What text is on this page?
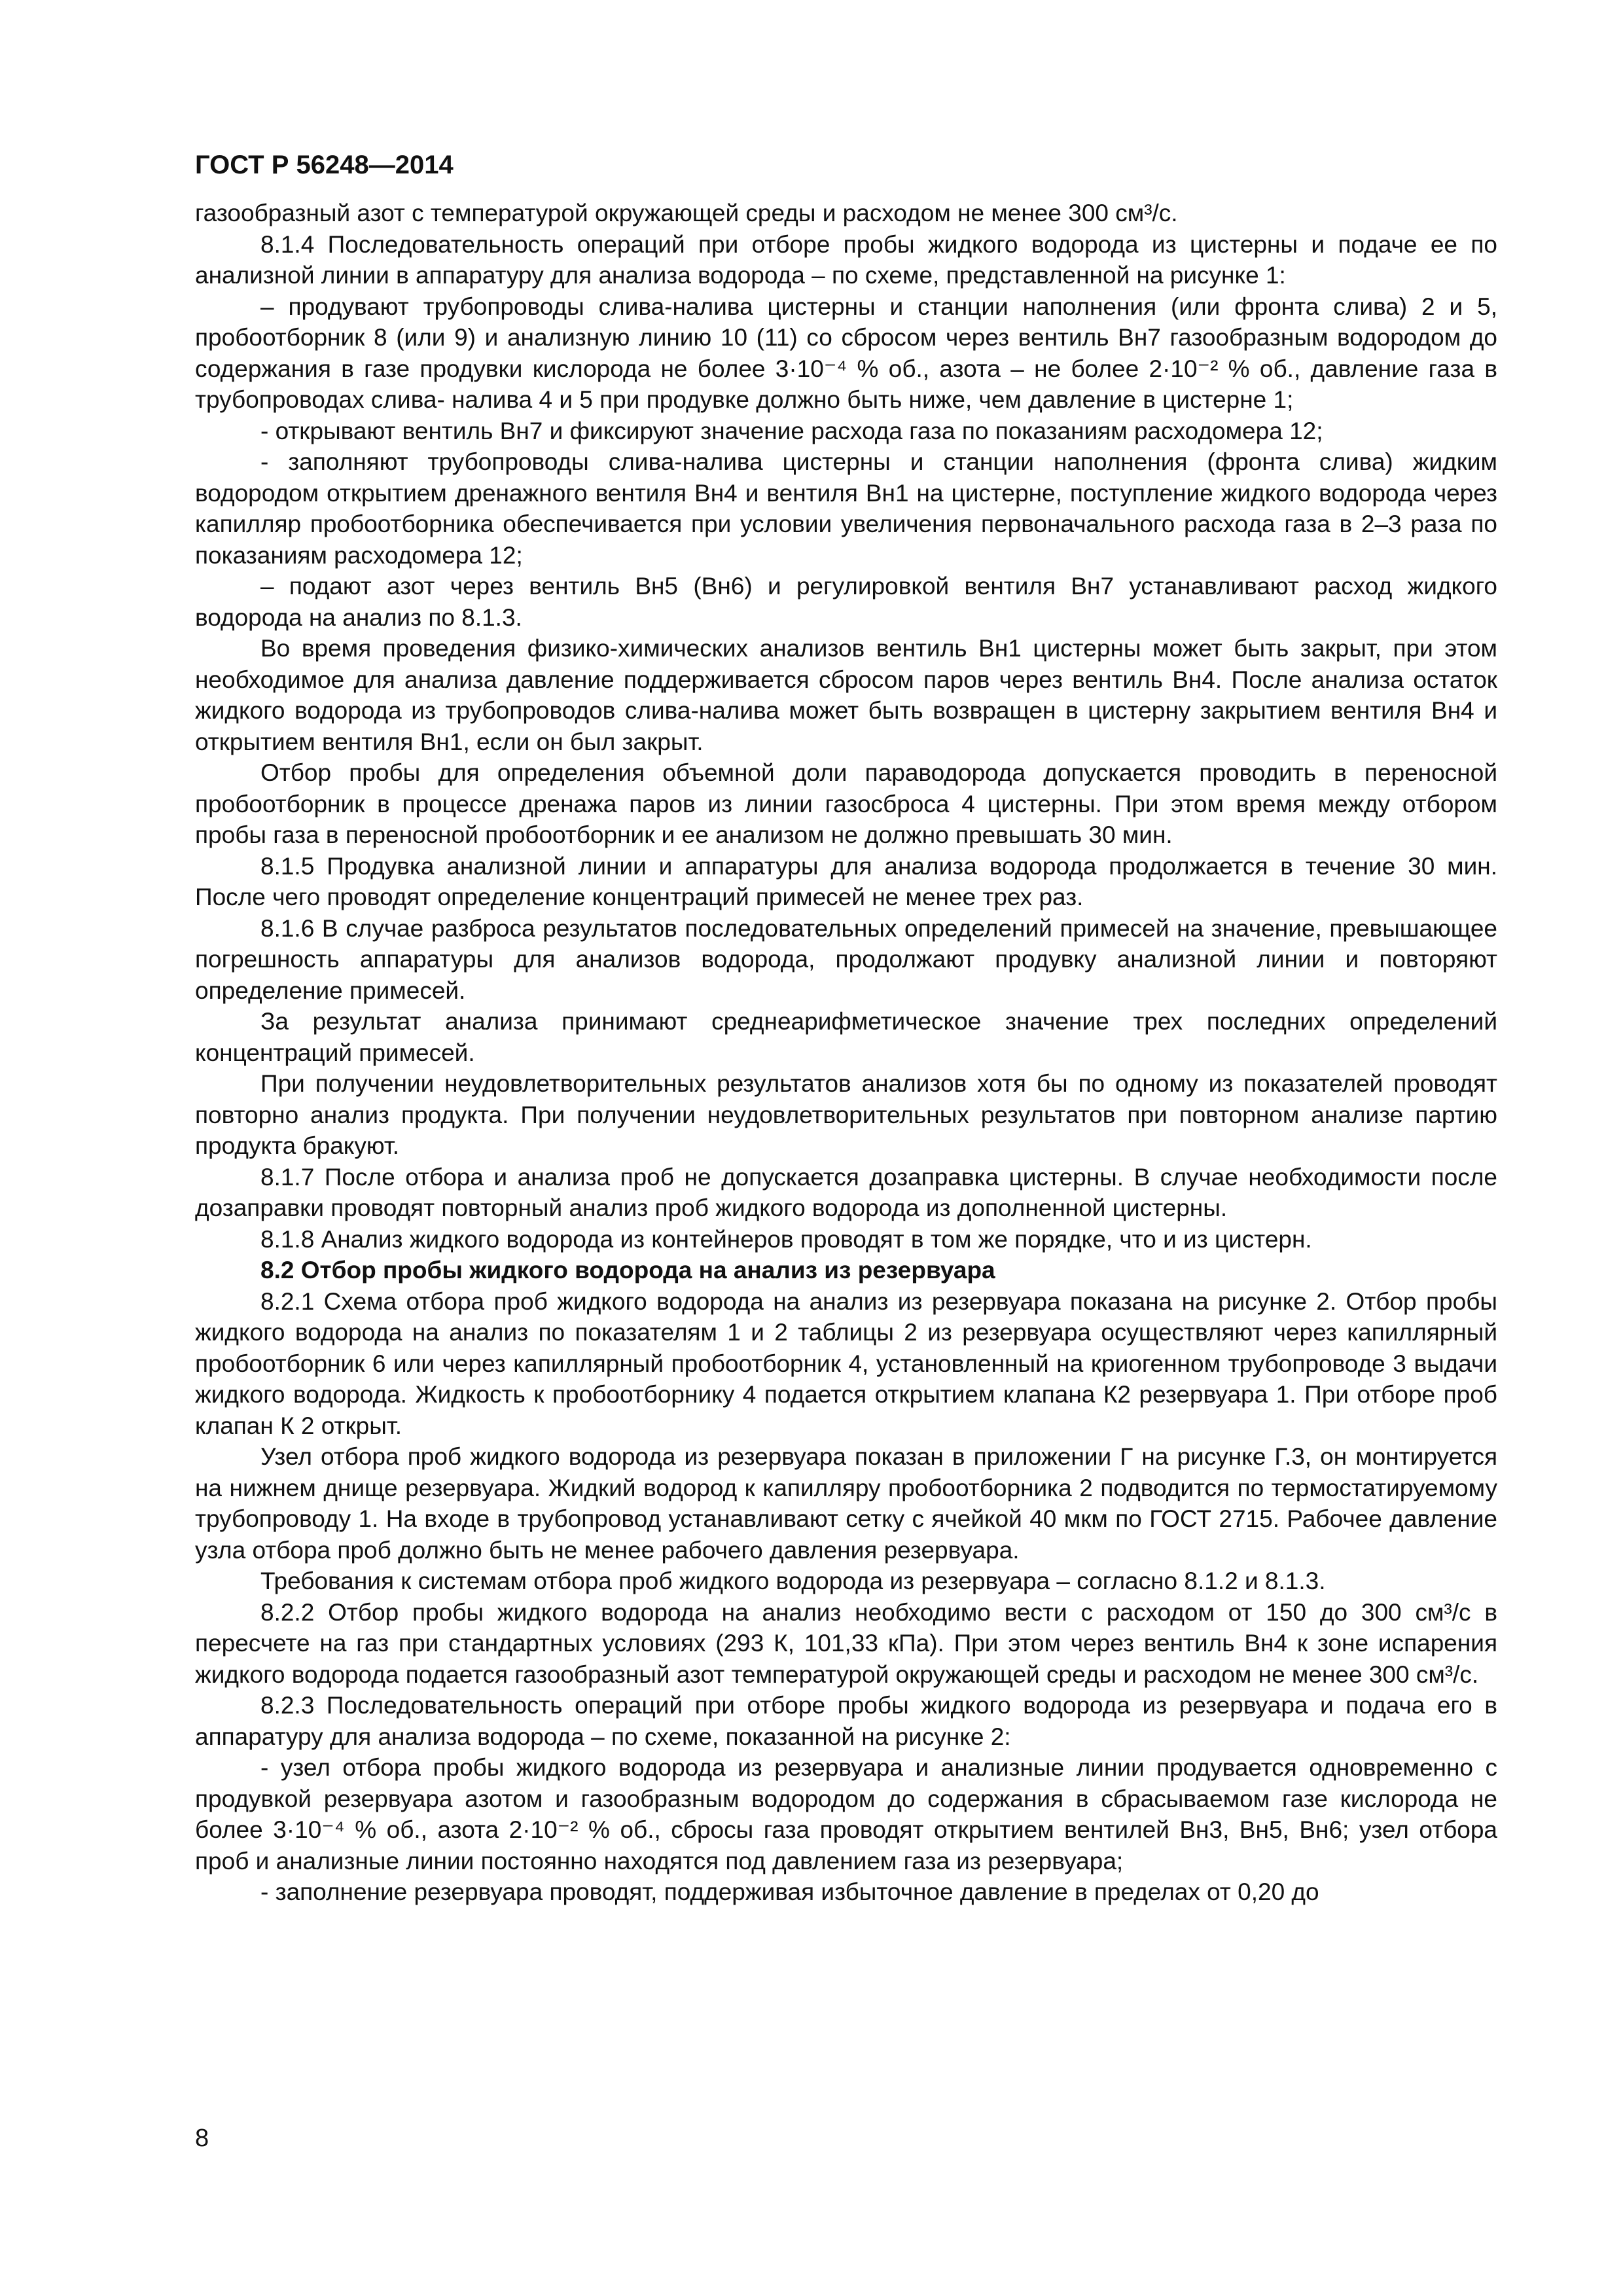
ГОСТ Р 56248—2014

газообразный азот с температурой окружающей среды и расходом не менее 300 см³/с.

8.1.4 Последовательность операций при отборе пробы жидкого водорода из цистерны и подаче ее по анализной линии в аппаратуру для анализа водорода – по схеме, представленной на рисунке 1:

– продувают трубопроводы слива-налива цистерны и станции наполнения (или фронта слива) 2 и 5, пробоотборник 8 (или 9) и анализную линию 10 (11) со сбросом через вентиль Вн7 газообразным водородом до содержания в газе продувки кислорода не более 3·10⁻⁴ % об., азота – не более 2·10⁻² % об., давление газа в трубопроводах слива- налива 4 и 5 при продувке должно быть ниже, чем давление в цистерне 1;

- открывают вентиль Вн7 и фиксируют значение расхода газа по показаниям расходомера 12;

- заполняют трубопроводы слива-налива цистерны и станции наполнения (фронта слива) жидким водородом открытием дренажного вентиля Вн4 и вентиля Вн1 на цистерне, поступление жидкого водорода через капилляр пробоотборника обеспечивается при условии увеличения первоначального расхода газа в 2–3 раза по показаниям расходомера 12;

– подают азот через вентиль Вн5 (Вн6) и регулировкой вентиля Вн7 устанавливают расход жидкого водорода на анализ по 8.1.3.

Во время проведения физико-химических анализов вентиль Вн1 цистерны может быть закрыт, при этом необходимое для анализа давление поддерживается сбросом паров через вентиль Вн4. После анализа остаток жидкого водорода из трубопроводов слива-налива может быть возвращен в цистерну закрытием вентиля Вн4 и открытием вентиля Вн1, если он был закрыт.

Отбор пробы для определения объемной доли параводорода допускается проводить в переносной пробоотборник в процессе дренажа паров из линии газосброса 4 цистерны. При этом время между отбором пробы газа в переносной пробоотборник и ее анализом не должно превышать 30 мин.

8.1.5 Продувка анализной линии и аппаратуры для анализа водорода продолжается в течение 30 мин. После чего проводят определение концентраций примесей не менее трех раз.

8.1.6 В случае разброса результатов последовательных определений примесей на значение, превышающее погрешность аппаратуры для анализов водорода, продолжают продувку анализной линии и повторяют определение примесей.

За результат анализа принимают среднеарифметическое значение трех последних определений концентраций примесей.

При получении неудовлетворительных результатов анализов хотя бы по одному из показателей проводят повторно анализ продукта. При получении неудовлетворительных результатов при повторном анализе партию продукта бракуют.

8.1.7 После отбора и анализа проб не допускается дозаправка цистерны. В случае необходимости после дозаправки проводят повторный анализ проб жидкого водорода из дополненной цистерны.

8.1.8 Анализ жидкого водорода из контейнеров проводят в том же порядке, что и из цистерн.

8.2 Отбор пробы жидкого водорода на анализ из резервуара

8.2.1 Схема отбора проб жидкого водорода на анализ из резервуара показана на рисунке 2. Отбор пробы жидкого водорода на анализ по показателям 1 и 2 таблицы 2 из резервуара осуществляют через капиллярный пробоотборник 6 или через капиллярный пробоотборник 4, установленный на криогенном трубопроводе 3 выдачи жидкого водорода. Жидкость к пробоотборнику 4 подается открытием клапана К2 резервуара 1. При отборе проб клапан К 2 открыт.

Узел отбора проб жидкого водорода из резервуара показан в приложении Г на рисунке Г.3, он монтируется на нижнем днище резервуара. Жидкий водород к капилляру пробоотборника 2 подводится по термостатируемому трубопроводу 1. На входе в трубопровод устанавливают сетку с ячейкой 40 мкм по ГОСТ 2715. Рабочее давление узла отбора проб должно быть не менее рабочего давления резервуара.

Требования к системам отбора проб жидкого водорода из резервуара – согласно 8.1.2 и 8.1.3.

8.2.2 Отбор пробы жидкого водорода на анализ необходимо вести с расходом от 150 до 300 см³/с в пересчете на газ при стандартных условиях (293 К, 101,33 кПа). При этом через вентиль Вн4 к зоне испарения жидкого водорода подается газообразный азот температурой окружающей среды и расходом не менее 300 см³/с.

8.2.3 Последовательность операций при отборе пробы жидкого водорода из резервуара и подача его в аппаратуру для анализа водорода – по схеме, показанной на рисунке 2:

- узел отбора пробы жидкого водорода из резервуара и анализные линии продувается одновременно с продувкой резервуара азотом и газообразным водородом до содержания в сбрасываемом газе кислорода не более 3·10⁻⁴ % об., азота 2·10⁻² % об., сбросы газа проводят открытием вентилей Вн3, Вн5, Вн6; узел отбора проб и анализные линии постоянно находятся под давлением газа из резервуара;

- заполнение резервуара проводят, поддерживая избыточное давление в пределах от 0,20 до

8
